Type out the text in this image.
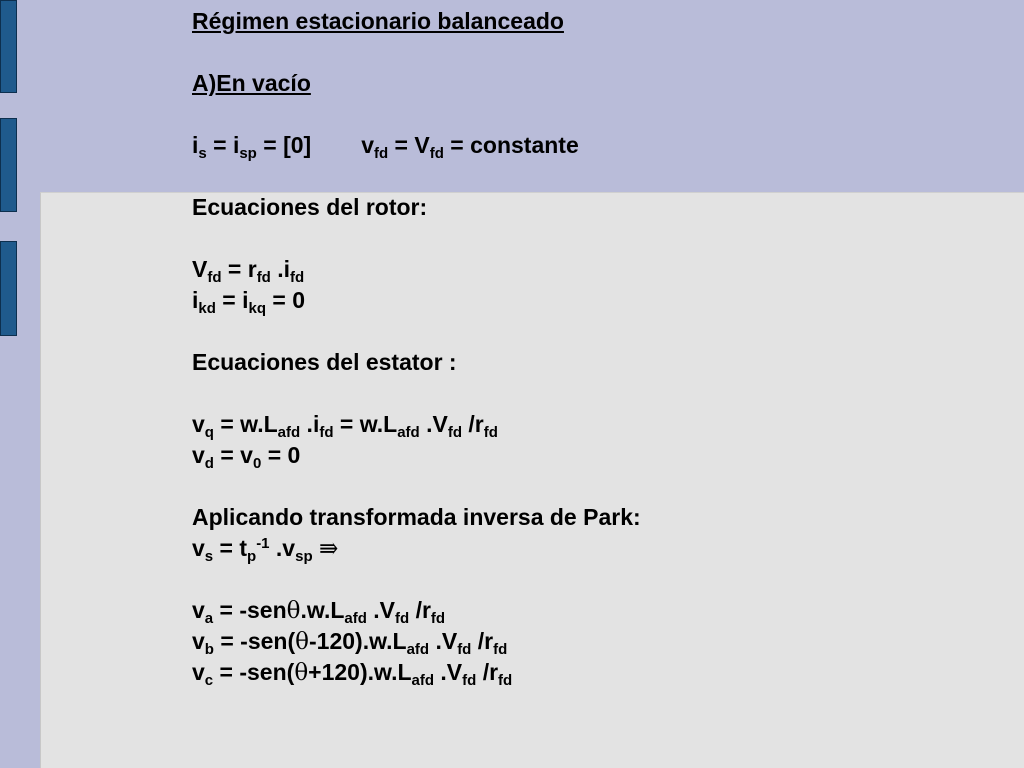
Régimen estacionario balanceado
A)En vacío
$i_s = i_{sp} = [0] v_{fd} = V_{fd}$ = constante
Ecuaciones del rotor:
$V_{fd} = r_{fd}$ $.i_{fd}$
$i_{kd} = i_{kq} = 0$
Ecuaciones del estator :
$v_q = w.L_{afd}$ $.i_{fd} = w.L_{afd}$ $.V_{fd}$ $/r_{fd}$
$v_d = v_0 = 0$
Aplicando transformada inversa de Park:
$v_s = t_p^{-1}$ $.v_{sp}$ ⇛
$v_a = -sen\theta.w.L_{afd}$ $.V_{fd}$ $/r_{fd}$
$v_b = -sen(\theta-120).w.L_{afd}$ $.V_{fd}$ $/r_{fd}$
$v_c = -sen(\theta+120).w.L_{afd}$ $.V_{fd}$ $/r_{fd}$
